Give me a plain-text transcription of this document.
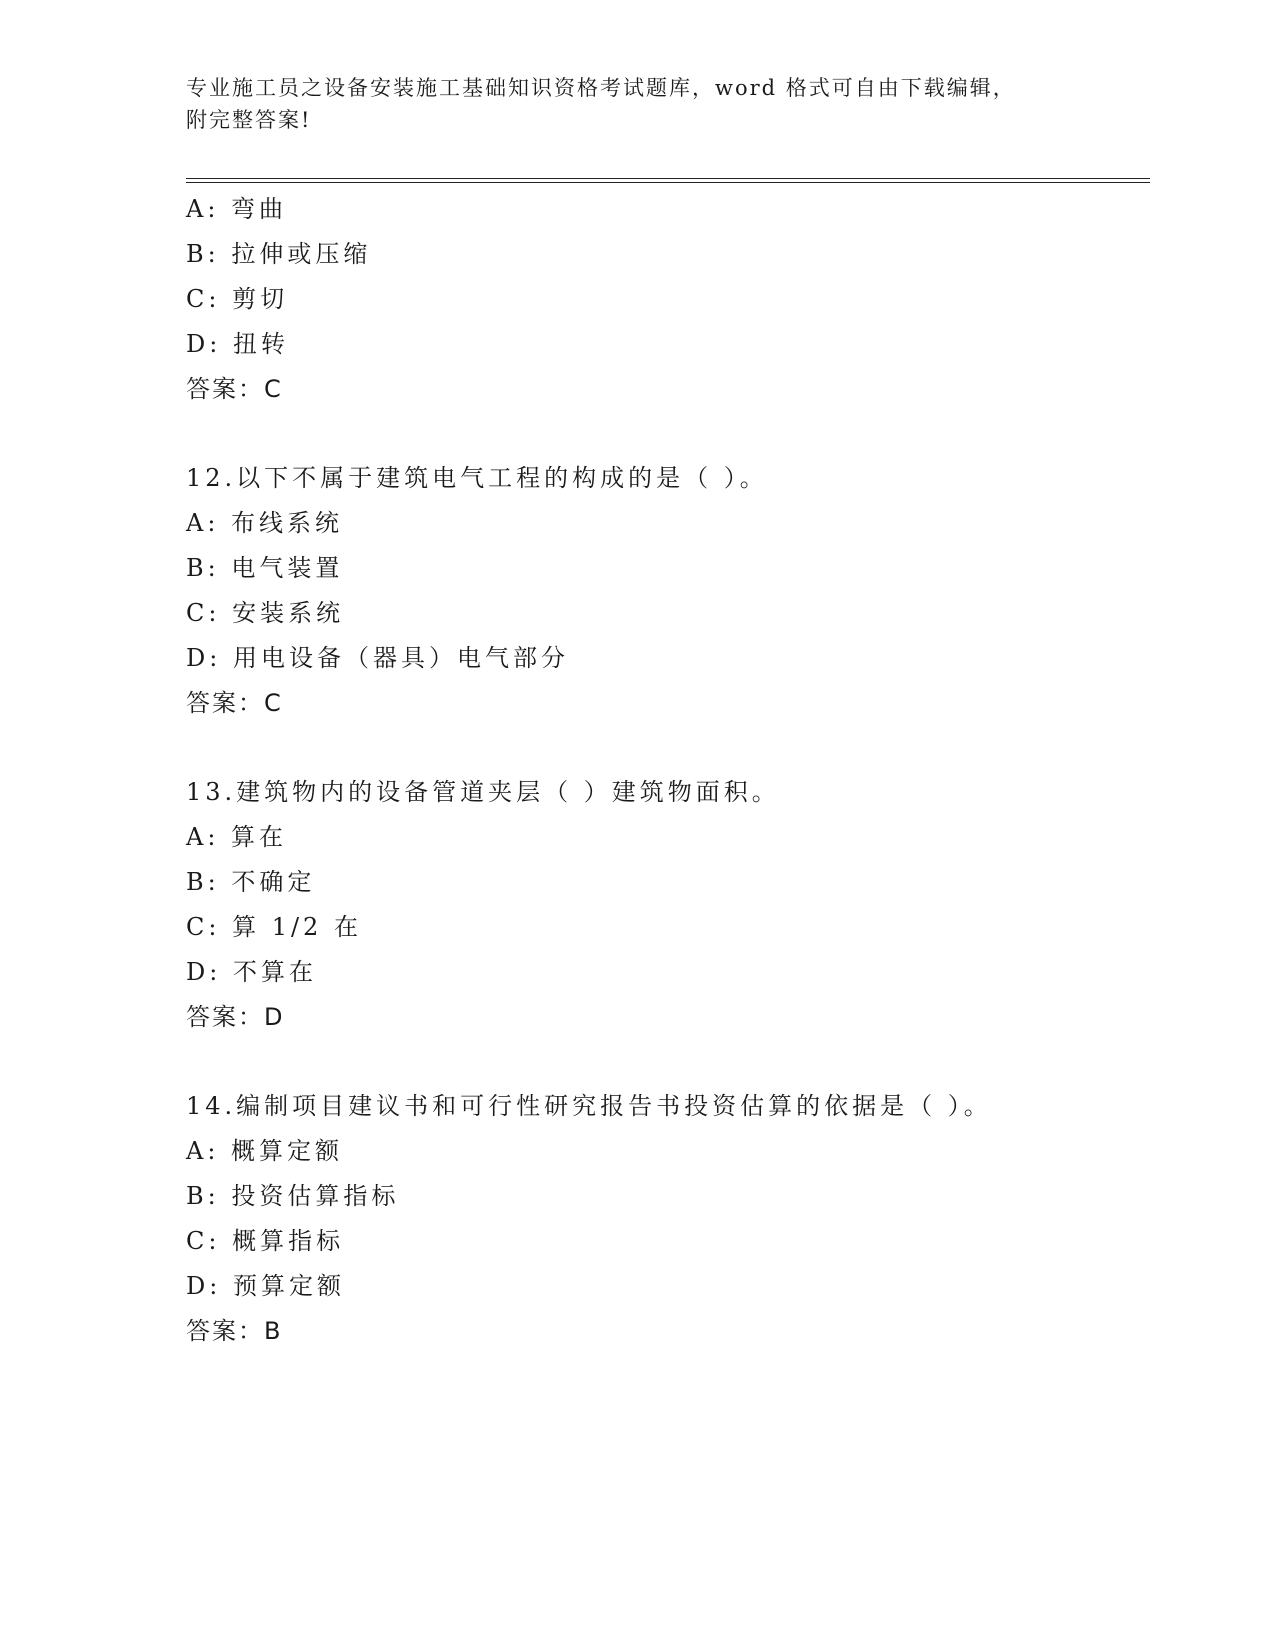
专业施工员之设备安装施工基础知识资格考试题库，word 格式可自由下载编辑，
附完整答案!
A: 弯曲
B: 拉伸或压缩
C: 剪切
D: 扭转
答案：C
12.以下不属于建筑电气工程的构成的是（ ）。
A: 布线系统
B: 电气装置
C: 安装系统
D: 用电设备（器具）电气部分
答案：C
13.建筑物内的设备管道夹层（ ）建筑物面积。
A: 算在
B: 不确定
C: 算 1/2 在
D: 不算在
答案：D
14.编制项目建议书和可行性研究报告书投资估算的依据是（ ）。
A: 概算定额
B: 投资估算指标
C: 概算指标
D: 预算定额
答案：B
